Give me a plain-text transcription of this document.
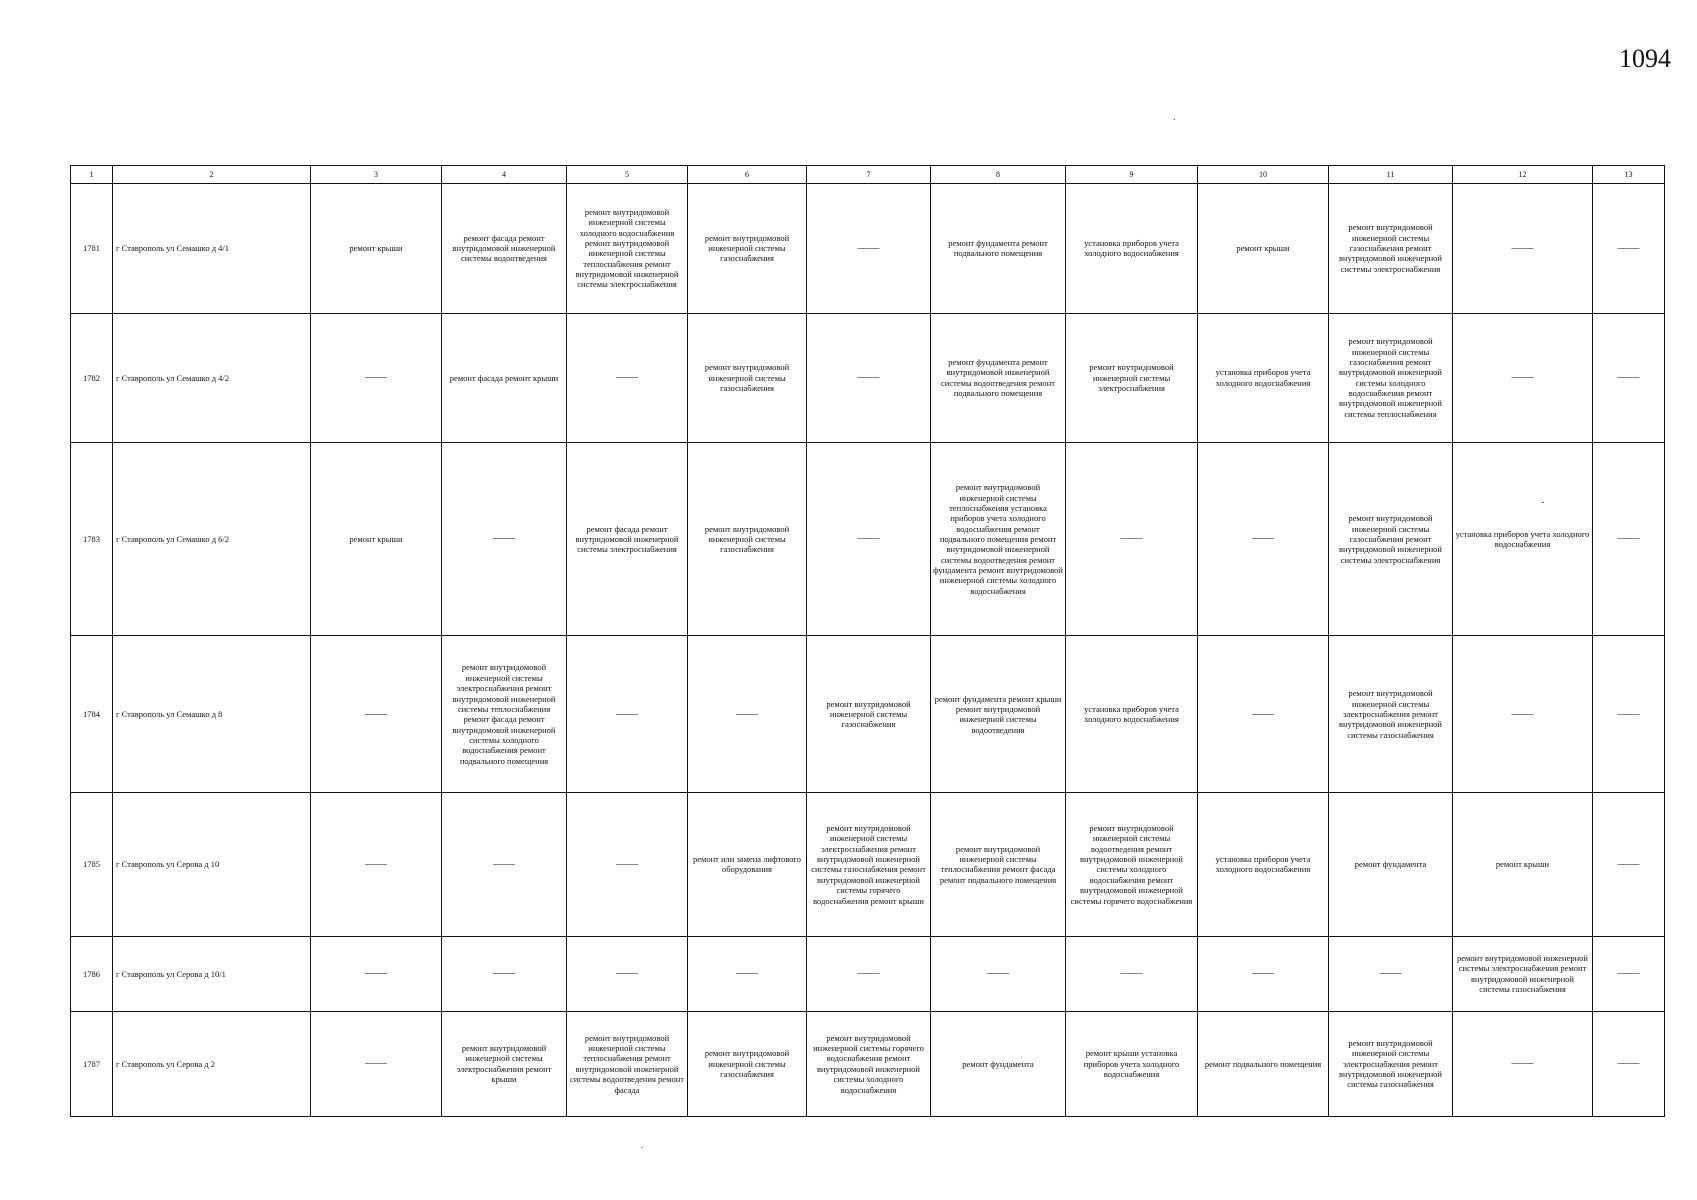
1094
.
-
.
1	2	3	4	5	6	7	8	9	10	11	12	13
1781	г Ставрополь ул Семашко д 4/1	ремонт крыши	ремонт фасада ремонт внутридомовой инженерной системы водоотведения	ремонт внутридомовой инженерной системы холодного водоснабжения ремонт внутридомовой инженерной системы теплоснабжения ремонт внутридомовой инженерной системы электроснабжения	ремонт внутридомовой инженерной системы газоснабжения	——	ремонт фундамента ремонт подвального помещения	установка приборов учета холодного водоснабжения	ремонт крыши	ремонт внутридомовой инженерной системы газоснабжения ремонт внутридомовой инженерной системы электроснабжения	——	——
1782	г Ставрополь ул Семашко д 4/2	——	ремонт фасада ремонт крыши	——	ремонт внутридомовой инженерной системы газоснабжения	——	ремонт фундамента ремонт внутридомовой инженерной системы водоотведения ремонт подвального помещения	ремонт внутридомовой инженерной системы электроснабжения	установка приборов учета холодного водоснабжения	ремонт внутридомовой инженерной системы газоснабжения ремонт внутридомовой инженерной системы холодного водоснабжения ремонт внутридомовой инженерной системы теплоснабжения	——	——
1783	г Ставрополь ул Семашко д 6/2	ремонт крыши	——	ремонт фасада ремонт внутридомовой инженерной системы электроснабжения	ремонт внутридомовой инженерной системы газоснабжения	——	ремонт внутридомовой инженерной системы теплоснабжения установка приборов учета холодного водоснабжения ремонт подвального помещения ремонт внутридомовой инженерной системы водоотведения ремонт фундамента ремонт внутридомовой инженерной системы холодного водоснабжения	——	——	ремонт внутридомовой инженерной системы газоснабжения ремонт внутридомовой инженерной системы электроснабжения	установка приборов учета холодного водоснабжения	——
1784	г Ставрополь ул Семашко д 8	——	ремонт внутридомовой инженерной системы электроснабжения ремонт внутридомовой инженерной системы теплоснабжения ремонт фасада ремонт внутридомовой инженерной системы холодного водоснабжения ремонт подвального помещения	——	——	ремонт внутридомовой инженерной системы газоснабжения	ремонт фундамента ремонт крыши ремонт внутридомовой инженерной системы водоотведения	установка приборов учета холодного водоснабжения	——	ремонт внутридомовой инженерной системы электроснабжения ремонт внутридомовой инженерной системы газоснабжения	——	——
1785	г Ставрополь ул Серова д 10	——	——	——	ремонт или замена лифтового оборудования	ремонт внутридомовой инженерной системы электроснабжения ремонт внутридомовой инженерной системы газоснабжения ремонт внутридомовой инженерной системы горячего водоснабжения ремонт крыши	ремонт внутридомовой инженерной системы теплоснабжения ремонт фасада ремонт подвального помещения	ремонт внутридомовой инженерной системы водоотведения ремонт внутридомовой инженерной системы холодного водоснабжения ремонт внутридомовой инженерной системы горячего водоснабжения	установка приборов учета холодного водоснабжения	ремонт фундамента	ремонт крыши	——
1786	г Ставрополь ул Серова д 10/1	——	——	——	——	——	——	——	——	——	ремонт внутридомовой инженерной системы электроснабжения ремонт внутридомовой инженерной системы газоснабжения	——
1787	г Ставрополь ул Серова д 2	——	ремонт внутридомовой инженерной системы электроснабжения ремонт крыши	ремонт внутридомовой инженерной системы теплоснабжения ремонт внутридомовой инженерной системы водоотведения ремонт фасада	ремонт внутридомовой инженерной системы газоснабжения	ремонт внутридомовой инженерной системы горячего водоснабжения ремонт внутридомовой инженерной системы холодного водоснабжения	ремонт фундамента	ремонт крыши установка приборов учета холодного водоснабжения	ремонт подвального помещения	ремонт внутридомовой инженерной системы электроснабжения ремонт внутридомовой инженерной системы газоснабжения	——	——
